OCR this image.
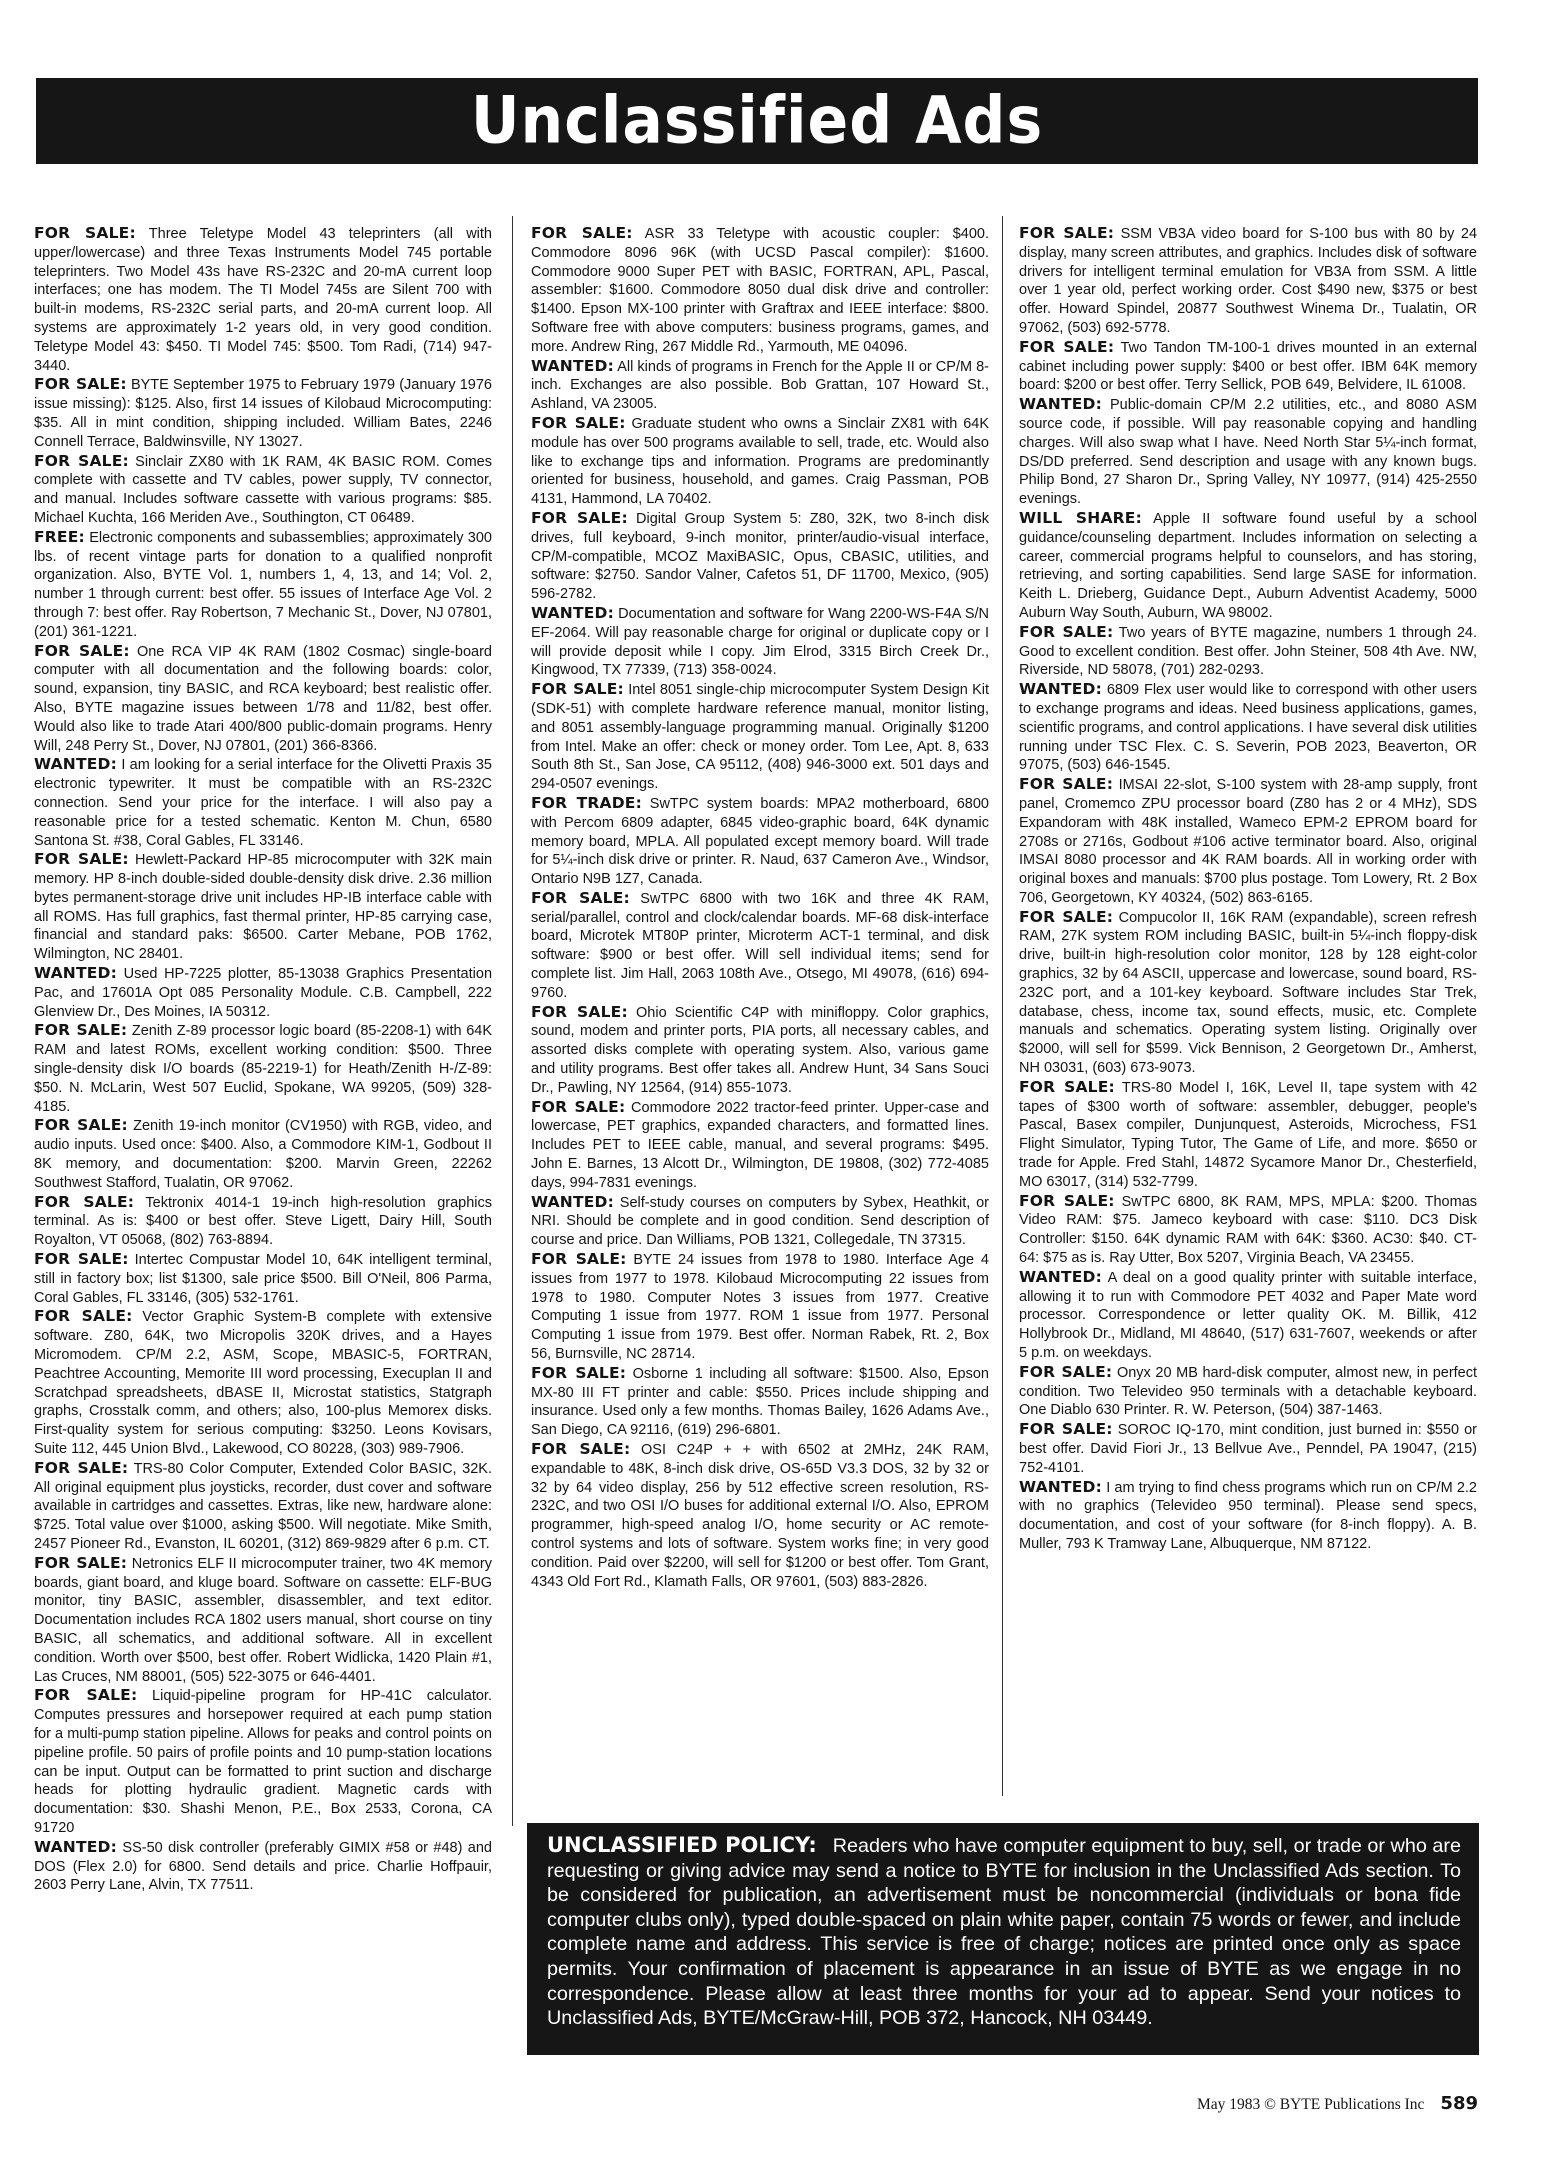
Unclassified Ads

FOR SALE: Three Teletype Model 43 teleprinters (all with upper/lowercase) and three Texas Instruments Model 745 portable teleprinters. Two Model 43s have RS-232C and 20-mA current loop interfaces; one has modem. The TI Model 745s are Silent 700 with built-in modems, RS-232C serial parts, and 20-mA current loop. All systems are approximately 1-2 years old, in very good condition. Teletype Model 43: $450. TI Model 745: $500. Tom Radi, (714) 947-3440.

FOR SALE: BYTE September 1975 to February 1979 (January 1976 issue missing): $125. Also, first 14 issues of Kilobaud Microcomputing: $35. All in mint condition, shipping included. William Bates, 2246 Connell Terrace, Baldwinsville, NY 13027.

FOR SALE: Sinclair ZX80 with 1K RAM, 4K BASIC ROM. Comes complete with cassette and TV cables, power supply, TV connector, and manual. Includes software cassette with various programs: $85. Michael Kuchta, 166 Meriden Ave., Southington, CT 06489.

FREE: Electronic components and subassemblies; approximately 300 lbs. of recent vintage parts for donation to a qualified nonprofit organization. Also, BYTE Vol. 1, numbers 1, 4, 13, and 14; Vol. 2, number 1 through current: best offer. 55 issues of Interface Age Vol. 2 through 7: best offer. Ray Robertson, 7 Mechanic St., Dover, NJ 07801, (201) 361-1221.

FOR SALE: One RCA VIP 4K RAM (1802 Cosmac) single-board computer with all documentation and the following boards: color, sound, expansion, tiny BASIC, and RCA keyboard; best realistic offer. Also, BYTE magazine issues between 1/78 and 11/82, best offer. Would also like to trade Atari 400/800 public-domain programs. Henry Will, 248 Perry St., Dover, NJ 07801, (201) 366-8366.

WANTED: I am looking for a serial interface for the Olivetti Praxis 35 electronic typewriter. It must be compatible with an RS-232C connection. Send your price for the interface. I will also pay a reasonable price for a tested schematic. Kenton M. Chun, 6580 Santona St. #38, Coral Gables, FL 33146.

FOR SALE: Hewlett-Packard HP-85 microcomputer with 32K main memory. HP 8-inch double-sided double-density disk drive. 2.36 million bytes permanent-storage drive unit includes HP-IB interface cable with all ROMS. Has full graphics, fast thermal printer, HP-85 carrying case, financial and standard paks: $6500. Carter Mebane, POB 1762, Wilmington, NC 28401.

WANTED: Used HP-7225 plotter, 85-13038 Graphics Presentation Pac, and 17601A Opt 085 Personality Module. C.B. Campbell, 222 Glenview Dr., Des Moines, IA 50312.

FOR SALE: Zenith Z-89 processor logic board (85-2208-1) with 64K RAM and latest ROMs, excellent working condition: $500. Three single-density disk I/O boards (85-2219-1) for Heath/Zenith H-/Z-89: $50. N. McLarin, West 507 Euclid, Spokane, WA 99205, (509) 328-4185.

FOR SALE: Zenith 19-inch monitor (CV1950) with RGB, video, and audio inputs. Used once: $400. Also, a Commodore KIM-1, Godbout II 8K memory, and documentation: $200. Marvin Green, 22262 Southwest Stafford, Tualatin, OR 97062.

FOR SALE: Tektronix 4014-1 19-inch high-resolution graphics terminal. As is: $400 or best offer. Steve Ligett, Dairy Hill, South Royalton, VT 05068, (802) 763-8894.

FOR SALE: Intertec Compustar Model 10, 64K intelligent terminal, still in factory box; list $1300, sale price $500. Bill O'Neil, 806 Parma, Coral Gables, FL 33146, (305) 532-1761.

FOR SALE: Vector Graphic System-B complete with extensive software. Z80, 64K, two Micropolis 320K drives, and a Hayes Micromodem. CP/M 2.2, ASM, Scope, MBASIC-5, FORTRAN, Peachtree Accounting, Memorite III word processing, Execuplan II and Scratchpad spreadsheets, dBASE II, Microstat statistics, Statgraph graphs, Crosstalk comm, and others; also, 100-plus Memorex disks. First-quality system for serious computing: $3250. Leons Kovisars, Suite 112, 445 Union Blvd., Lakewood, CO 80228, (303) 989-7906.

FOR SALE: TRS-80 Color Computer, Extended Color BASIC, 32K. All original equipment plus joysticks, recorder, dust cover and software available in cartridges and cassettes. Extras, like new, hardware alone: $725. Total value over $1000, asking $500. Will negotiate. Mike Smith, 2457 Pioneer Rd., Evanston, IL 60201, (312) 869-9829 after 6 p.m. CT.

FOR SALE: Netronics ELF II microcomputer trainer, two 4K memory boards, giant board, and kluge board. Software on cassette: ELF-BUG monitor, tiny BASIC, assembler, disassembler, and text editor. Documentation includes RCA 1802 users manual, short course on tiny BASIC, all schematics, and additional software. All in excellent condition. Worth over $500, best offer. Robert Widlicka, 1420 Plain #1, Las Cruces, NM 88001, (505) 522-3075 or 646-4401.

FOR SALE: Liquid-pipeline program for HP-41C calculator. Computes pressures and horsepower required at each pump station for a multi-pump station pipeline. Allows for peaks and control points on pipeline profile. 50 pairs of profile points and 10 pump-station locations can be input. Output can be formatted to print suction and discharge heads for plotting hydraulic gradient. Magnetic cards with documentation: $30. Shashi Menon, P.E., Box 2533, Corona, CA 91720

WANTED: SS-50 disk controller (preferably GIMIX #58 or #48) and DOS (Flex 2.0) for 6800. Send details and price. Charlie Hoffpauir, 2603 Perry Lane, Alvin, TX 77511.

FOR SALE: ASR 33 Teletype with acoustic coupler: $400. Commodore 8096 96K (with UCSD Pascal compiler): $1600. Commodore 9000 Super PET with BASIC, FORTRAN, APL, Pascal, assembler: $1600. Commodore 8050 dual disk drive and controller: $1400. Epson MX-100 printer with Graftrax and IEEE interface: $800. Software free with above computers: business programs, games, and more. Andrew Ring, 267 Middle Rd., Yarmouth, ME 04096.

WANTED: All kinds of programs in French for the Apple II or CP/M 8-inch. Exchanges are also possible. Bob Grattan, 107 Howard St., Ashland, VA 23005.

FOR SALE: Graduate student who owns a Sinclair ZX81 with 64K module has over 500 programs available to sell, trade, etc. Would also like to exchange tips and information. Programs are predominantly oriented for business, household, and games. Craig Passman, POB 4131, Hammond, LA 70402.

FOR SALE: Digital Group System 5: Z80, 32K, two 8-inch disk drives, full keyboard, 9-inch monitor, printer/audio-visual interface, CP/M-compatible, MCOZ MaxiBASIC, Opus, CBASIC, utilities, and software: $2750. Sandor Valner, Cafetos 51, DF 11700, Mexico, (905) 596-2782.

WANTED: Documentation and software for Wang 2200-WS-F4A S/N EF-2064. Will pay reasonable charge for original or duplicate copy or I will provide deposit while I copy. Jim Elrod, 3315 Birch Creek Dr., Kingwood, TX 77339, (713) 358-0024.

FOR SALE: Intel 8051 single-chip microcomputer System Design Kit (SDK-51) with complete hardware reference manual, monitor listing, and 8051 assembly-language programming manual. Originally $1200 from Intel. Make an offer: check or money order. Tom Lee, Apt. 8, 633 South 8th St., San Jose, CA 95112, (408) 946-3000 ext. 501 days and 294-0507 evenings.

FOR TRADE: SwTPC system boards: MPA2 motherboard, 6800 with Percom 6809 adapter, 6845 video-graphic board, 64K dynamic memory board, MPLA. All populated except memory board. Will trade for 5¼-inch disk drive or printer. R. Naud, 637 Cameron Ave., Windsor, Ontario N9B 1Z7, Canada.

FOR SALE: SwTPC 6800 with two 16K and three 4K RAM, serial/parallel, control and clock/calendar boards. MF-68 disk-interface board, Microtek MT80P printer, Microterm ACT-1 terminal, and disk software: $900 or best offer. Will sell individual items; send for complete list. Jim Hall, 2063 108th Ave., Otsego, MI 49078, (616) 694-9760.

FOR SALE: Ohio Scientific C4P with minifloppy. Color graphics, sound, modem and printer ports, PIA ports, all necessary cables, and assorted disks complete with operating system. Also, various game and utility programs. Best offer takes all. Andrew Hunt, 34 Sans Souci Dr., Pawling, NY 12564, (914) 855-1073.

FOR SALE: Commodore 2022 tractor-feed printer. Upper-case and lowercase, PET graphics, expanded characters, and formatted lines. Includes PET to IEEE cable, manual, and several programs: $495. John E. Barnes, 13 Alcott Dr., Wilmington, DE 19808, (302) 772-4085 days, 994-7831 evenings.

WANTED: Self-study courses on computers by Sybex, Heathkit, or NRI. Should be complete and in good condition. Send description of course and price. Dan Williams, POB 1321, Collegedale, TN 37315.

FOR SALE: BYTE 24 issues from 1978 to 1980. Interface Age 4 issues from 1977 to 1978. Kilobaud Microcomputing 22 issues from 1978 to 1980. Computer Notes 3 issues from 1977. Creative Computing 1 issue from 1977. ROM 1 issue from 1977. Personal Computing 1 issue from 1979. Best offer. Norman Rabek, Rt. 2, Box 56, Burnsville, NC 28714.

FOR SALE: Osborne 1 including all software: $1500. Also, Epson MX-80 III FT printer and cable: $550. Prices include shipping and insurance. Used only a few months. Thomas Bailey, 1626 Adams Ave., San Diego, CA 92116, (619) 296-6801.

FOR SALE: OSI C24P + + with 6502 at 2MHz, 24K RAM, expandable to 48K, 8-inch disk drive, OS-65D V3.3 DOS, 32 by 32 or 32 by 64 video display, 256 by 512 effective screen resolution, RS-232C, and two OSI I/O buses for additional external I/O. Also, EPROM programmer, high-speed analog I/O, home security or AC remote-control systems and lots of software. System works fine; in very good condition. Paid over $2200, will sell for $1200 or best offer. Tom Grant, 4343 Old Fort Rd., Klamath Falls, OR 97601, (503) 883-2826.

FOR SALE: SSM VB3A video board for S-100 bus with 80 by 24 display, many screen attributes, and graphics. Includes disk of software drivers for intelligent terminal emulation for VB3A from SSM. A little over 1 year old, perfect working order. Cost $490 new, $375 or best offer. Howard Spindel, 20877 Southwest Winema Dr., Tualatin, OR 97062, (503) 692-5778.

FOR SALE: Two Tandon TM-100-1 drives mounted in an external cabinet including power supply: $400 or best offer. IBM 64K memory board: $200 or best offer. Terry Sellick, POB 649, Belvidere, IL 61008.

WANTED: Public-domain CP/M 2.2 utilities, etc., and 8080 ASM source code, if possible. Will pay reasonable copying and handling charges. Will also swap what I have. Need North Star 5¼-inch format, DS/DD preferred. Send description and usage with any known bugs. Philip Bond, 27 Sharon Dr., Spring Valley, NY 10977, (914) 425-2550 evenings.

WILL SHARE: Apple II software found useful by a school guidance/counseling department. Includes information on selecting a career, commercial programs helpful to counselors, and has storing, retrieving, and sorting capabilities. Send large SASE for information. Keith L. Drieberg, Guidance Dept., Auburn Adventist Academy, 5000 Auburn Way South, Auburn, WA 98002.

FOR SALE: Two years of BYTE magazine, numbers 1 through 24. Good to excellent condition. Best offer. John Steiner, 508 4th Ave. NW, Riverside, ND 58078, (701) 282-0293.

WANTED: 6809 Flex user would like to correspond with other users to exchange programs and ideas. Need business applications, games, scientific programs, and control applications. I have several disk utilities running under TSC Flex. C. S. Severin, POB 2023, Beaverton, OR 97075, (503) 646-1545.

FOR SALE: IMSAI 22-slot, S-100 system with 28-amp supply, front panel, Cromemco ZPU processor board (Z80 has 2 or 4 MHz), SDS Expandoram with 48K installed, Wameco EPM-2 EPROM board for 2708s or 2716s, Godbout #106 active terminator board. Also, original IMSAI 8080 processor and 4K RAM boards. All in working order with original boxes and manuals: $700 plus postage. Tom Lowery, Rt. 2 Box 706, Georgetown, KY 40324, (502) 863-6165.

FOR SALE: Compucolor II, 16K RAM (expandable), screen refresh RAM, 27K system ROM including BASIC, built-in 5¼-inch floppy-disk drive, built-in high-resolution color monitor, 128 by 128 eight-color graphics, 32 by 64 ASCII, uppercase and lowercase, sound board, RS-232C port, and a 101-key keyboard. Software includes Star Trek, database, chess, income tax, sound effects, music, etc. Complete manuals and schematics. Operating system listing. Originally over $2000, will sell for $599. Vick Bennison, 2 Georgetown Dr., Amherst, NH 03031, (603) 673-9073.

FOR SALE: TRS-80 Model I, 16K, Level II, tape system with 42 tapes of $300 worth of software: assembler, debugger, people's Pascal, Basex compiler, Dunjunquest, Asteroids, Microchess, FS1 Flight Simulator, Typing Tutor, The Game of Life, and more. $650 or trade for Apple. Fred Stahl, 14872 Sycamore Manor Dr., Chesterfield, MO 63017, (314) 532-7799.

FOR SALE: SwTPC 6800, 8K RAM, MPS, MPLA: $200. Thomas Video RAM: $75. Jameco keyboard with case: $110. DC3 Disk Controller: $150. 64K dynamic RAM with 64K: $360. AC30: $40. CT-64: $75 as is. Ray Utter, Box 5207, Virginia Beach, VA 23455.

WANTED: A deal on a good quality printer with suitable interface, allowing it to run with Commodore PET 4032 and Paper Mate word processor. Correspondence or letter quality OK. M. Billik, 412 Hollybrook Dr., Midland, MI 48640, (517) 631-7607, weekends or after 5 p.m. on weekdays.

FOR SALE: Onyx 20 MB hard-disk computer, almost new, in perfect condition. Two Televideo 950 terminals with a detachable keyboard. One Diablo 630 Printer. R. W. Peterson, (504) 387-1463.

FOR SALE: SOROC IQ-170, mint condition, just burned in: $550 or best offer. David Fiori Jr., 13 Bellvue Ave., Penndel, PA 19047, (215) 752-4101.

WANTED: I am trying to find chess programs which run on CP/M 2.2 with no graphics (Televideo 950 terminal). Please send specs, documentation, and cost of your software (for 8-inch floppy). A. B. Muller, 793 K Tramway Lane, Albuquerque, NM 87122.

UNCLASSIFIED POLICY: Readers who have computer equipment to buy, sell, or trade or who are requesting or giving advice may send a notice to BYTE for inclusion in the Unclassified Ads section. To be considered for publication, an advertisement must be noncommercial (individuals or bona fide computer clubs only), typed double-spaced on plain white paper, contain 75 words or fewer, and include complete name and address. This service is free of charge; notices are printed once only as space permits. Your confirmation of placement is appearance in an issue of BYTE as we engage in no correspondence. Please allow at least three months for your ad to appear. Send your notices to Unclassified Ads, BYTE/McGraw-Hill, POB 372, Hancock, NH 03449.
May 1983 © BYTE Publications Inc 589
